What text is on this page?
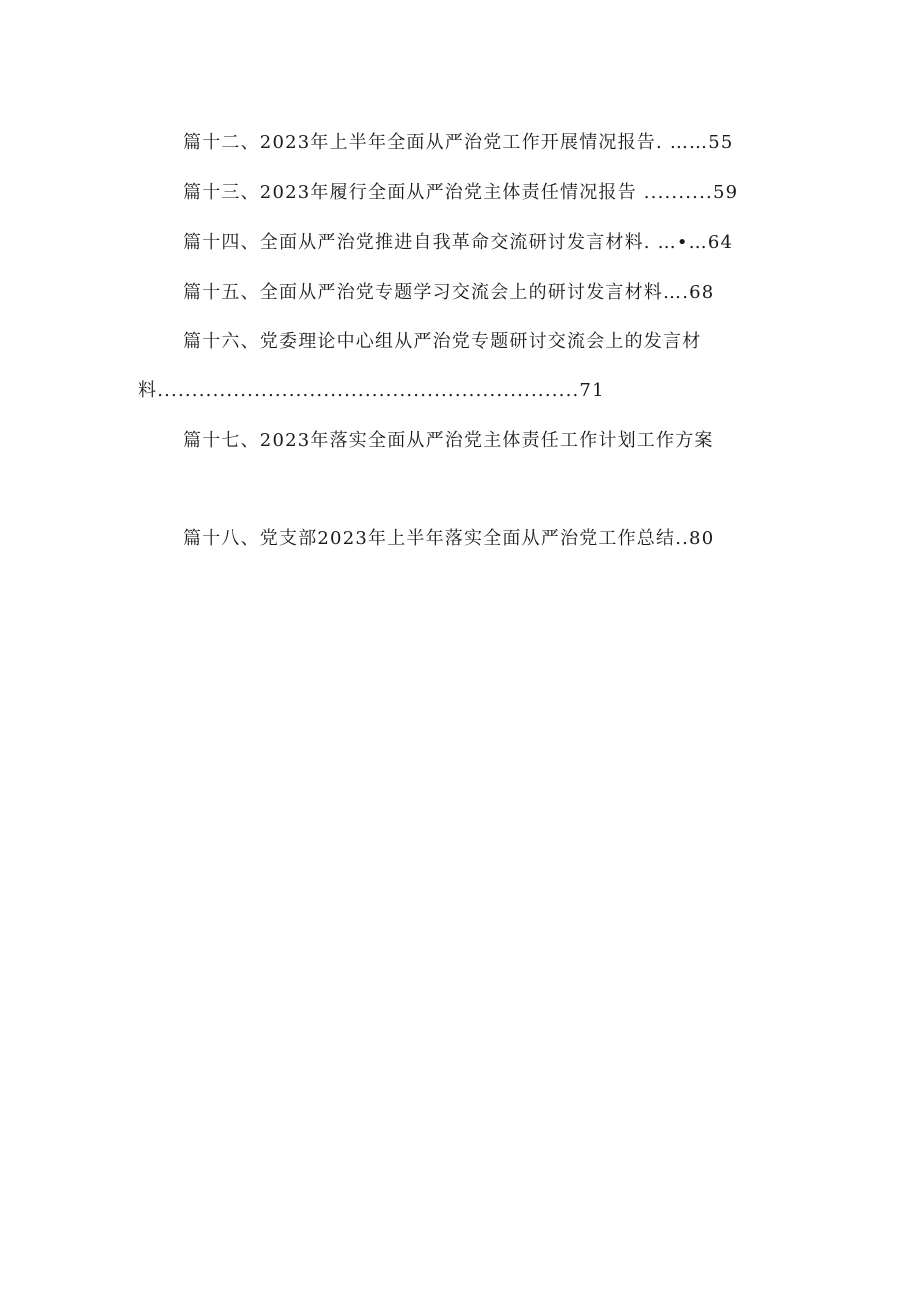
篇十二、2023年上半年全面从严治党工作开展情况报告. ……55
篇十三、2023年履行全面从严治党主体责任情况报告 ..........59
篇十四、全面从严治党推进自我革命交流研讨发言材料. …•…64
篇十五、全面从严治党专题学习交流会上的研讨发言材料….68
篇十六、党委理论中心组从严治党专题研讨交流会上的发言材
料.............................................................71
篇十七、2023年落实全面从严治党主体责任工作计划工作方案
篇十八、党支部2023年上半年落实全面从严治党工作总结..80
